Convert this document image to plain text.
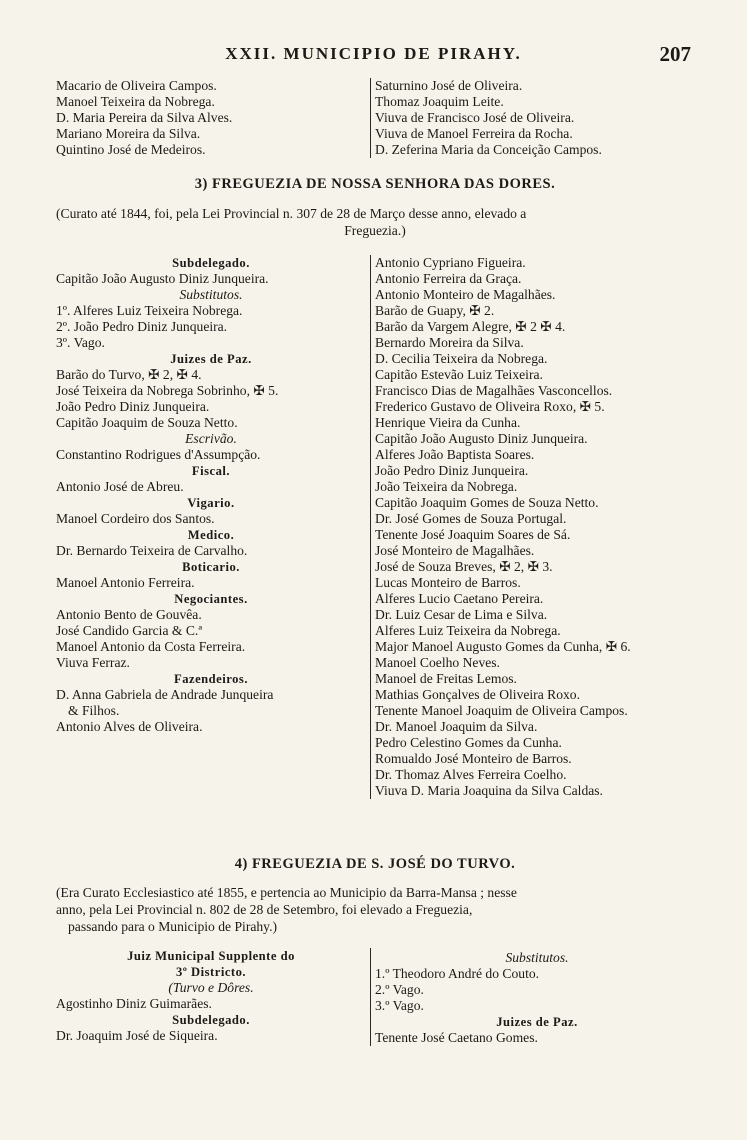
XXII. MUNICIPIO DE PIRAHY.	207
Macario de Oliveira Campos.
Manoel Teixeira da Nobrega.
D. Maria Pereira da Silva Alves.
Mariano Moreira da Silva.
Quintino José de Medeiros.
Saturnino José de Oliveira.
Thomaz Joaquim Leite.
Viuva de Francisco José de Oliveira.
Viuva de Manoel Ferreira da Rocha.
D. Zeferina Maria da Conceição Campos.
3) FREGUEZIA DE NOSSA SENHORA DAS DORES.
(Curato até 1844, foi, pela Lei Provincial n. 307 de 28 de Março desse anno, elevado a
Freguezia.)
Subdelegado.
Capitão João Augusto Diniz Junqueira.
Substitutos.
1º. Alferes Luiz Teixeira Nobrega.
2º. João Pedro Diniz Junqueira.
3º. Vago.
Juizes de Paz.
Barão do Turvo, ✠ 2, ✠ 4.
José Teixeira da Nobrega Sobrinho, ✠ 5.
João Pedro Diniz Junqueira.
Capitão Joaquim de Souza Netto.
Escrivão.
Constantino Rodrigues d'Assumpção.
Fiscal.
Antonio José de Abreu.
Vigario.
Manoel Cordeiro dos Santos.
Medico.
Dr. Bernardo Teixeira de Carvalho.
Boticario.
Manoel Antonio Ferreira.
Negociantes.
Antonio Bento de Gouvêa.
José Candido Garcia & C.ª
Manoel Antonio da Costa Ferreira.
Viuva Ferraz.
Fazendeiros.
D. Anna Gabriela de Andrade Junqueira
& Filhos.
Antonio Alves de Oliveira.
Antonio Cypriano Figueira.
Antonio Ferreira da Graça.
Antonio Monteiro de Magalhães.
Barão de Guapy, ✠ 2.
Barão da Vargem Alegre, ✠ 2 ✠ 4.
Bernardo Moreira da Silva.
D. Cecilia Teixeira da Nobrega.
Capitão Estevão Luiz Teixeira.
Francisco Dias de Magalhães Vasconcellos.
Frederico Gustavo de Oliveira Roxo, ✠ 5.
Henrique Vieira da Cunha.
Capitão João Augusto Diniz Junqueira.
Alferes João Baptista Soares.
João Pedro Diniz Junqueira.
João Teixeira da Nobrega.
Capitão Joaquim Gomes de Souza Netto.
Dr. José Gomes de Souza Portugal.
Tenente José Joaquim Soares de Sá.
José Monteiro de Magalhães.
José de Souza Breves, ✠ 2, ✠ 3.
Lucas Monteiro de Barros.
Alferes Lucio Caetano Pereira.
Dr. Luiz Cesar de Lima e Silva.
Alferes Luiz Teixeira da Nobrega.
Major Manoel Augusto Gomes da Cunha, ✠ 6.
Manoel Coelho Neves.
Manoel de Freitas Lemos.
Mathias Gonçalves de Oliveira Roxo.
Tenente Manoel Joaquim de Oliveira Campos.
Dr. Manoel Joaquim da Silva.
Pedro Celestino Gomes da Cunha.
Romualdo José Monteiro de Barros.
Dr. Thomaz Alves Ferreira Coelho.
Viuva D. Maria Joaquina da Silva Caldas.
4) FREGUEZIA DE S. JOSÉ DO TURVO.
(Era Curato Ecclesiastico até 1855, e pertencia ao Municipio da Barra-Mansa ; nesse
anno, pela Lei Provincial n. 802 de 28 de Setembro, foi elevado a Freguezia,
passando para o Municipio de Pirahy.)
Juiz Municipal Supplente do
3º Districto.
(Turvo e Dôres.
Agostinho Diniz Guimarães.
Subdelegado.
Dr. Joaquim José de Siqueira.
Substitutos.
1.º Theodoro André do Couto.
2.º Vago.
3.º Vago.
Juizes de Paz.
Tenente José Caetano Gomes.
